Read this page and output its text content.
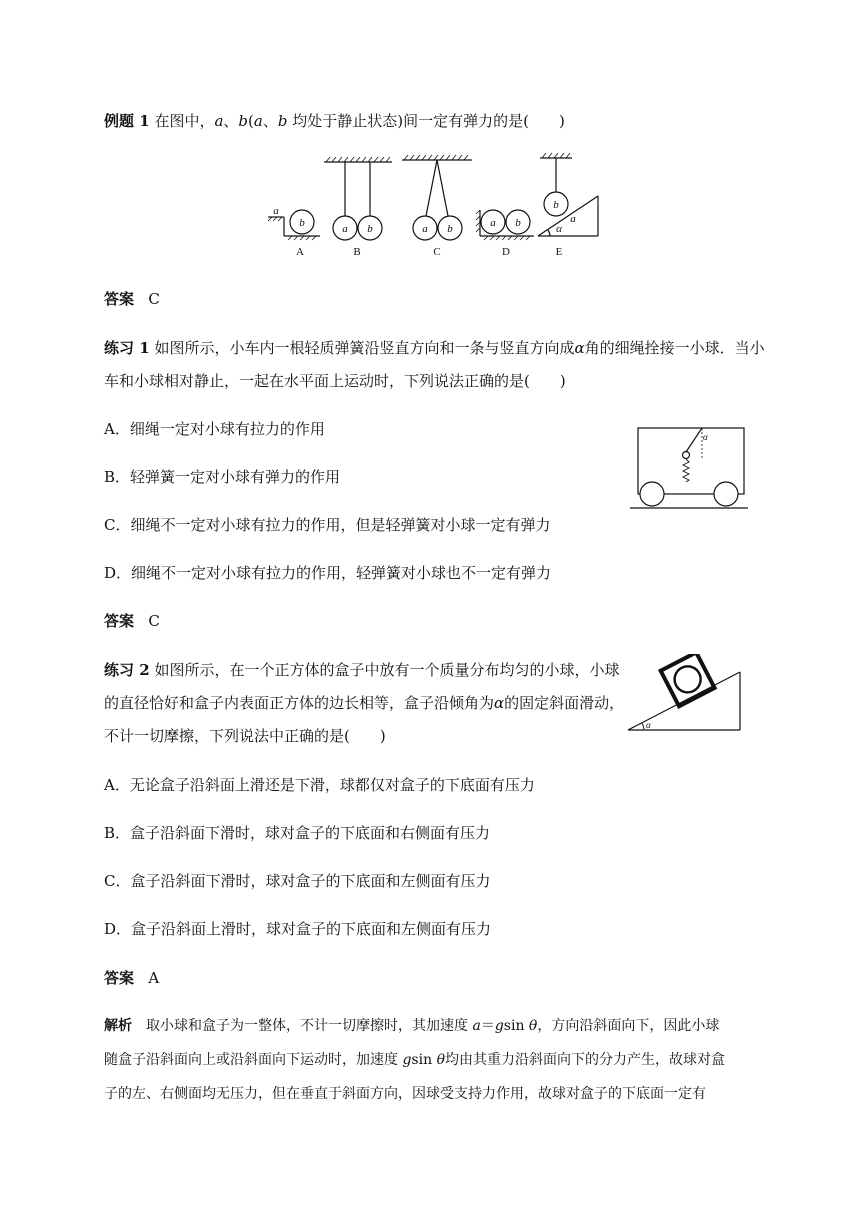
例题 1 在图中，a、b(a、b 均处于静止状态)间一定有弹力的是(　　)
a
b	a b	a b	a b
b
a
α
A	B	C	D	E
答案 C
练习 1 如图所示，小车内一根轻质弹簧沿竖直方向和一条与竖直方向成α角的细绳拴接一小球．当小
车和小球相对静止，一起在水平面上运动时，下列说法正确的是(　　)
A．细绳一定对小球有拉力的作用
B．轻弹簧一定对小球有弹力的作用
C．细绳不一定对小球有拉力的作用，但是轻弹簧对小球一定有弹力
D．细绳不一定对小球有拉力的作用，轻弹簧对小球也不一定有弹力
α
答案 C
练习 2 如图所示，在一个正方体的盒子中放有一个质量分布均匀的小球，小球
的直径恰好和盒子内表面正方体的边长相等，盒子沿倾角为α的固定斜面滑动，
不计一切摩擦，下列说法中正确的是(　　)
α
A．无论盒子沿斜面上滑还是下滑，球都仅对盒子的下底面有压力
B．盒子沿斜面下滑时，球对盒子的下底面和右侧面有压力
C．盒子沿斜面下滑时，球对盒子的下底面和左侧面有压力
D．盒子沿斜面上滑时，球对盒子的下底面和左侧面有压力
答案 A
解析　取小球和盒子为一整体，不计一切摩擦时，其加速度 a＝gsin θ，方向沿斜面向下，因此小球
随盒子沿斜面向上或沿斜面向下运动时，加速度 gsin θ均由其重力沿斜面向下的分力产生，故球对盒
子的左、右侧面均无压力，但在垂直于斜面方向，因球受支持力作用，故球对盒子的下底面一定有
